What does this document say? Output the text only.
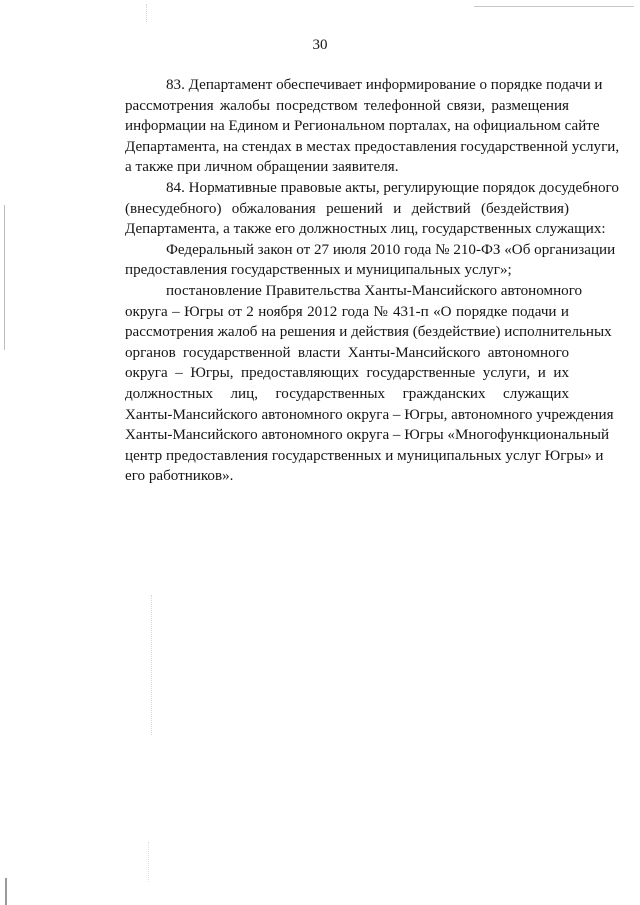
30

83. Департамент обеспечивает информирование о порядке подачи и
рассмотрения жалобы посредством телефонной связи, размещения
информации на Едином и Региональном порталах, на официальном сайте
Департамента, на стендах в местах предоставления государственной услуги,
а также при личном обращении заявителя.

84. Нормативные правовые акты, регулирующие порядок досудебного
(внесудебного) обжалования решений и действий (бездействия)
Департамента, а также его должностных лиц, государственных служащих:

Федеральный закон от 27 июля 2010 года № 210-ФЗ «Об организации
предоставления государственных и муниципальных услуг»;

постановление Правительства Ханты-Мансийского автономного
округа – Югры от 2 ноября 2012 года № 431-п «О порядке подачи и
рассмотрения жалоб на решения и действия (бездействие) исполнительных
органов государственной власти Ханты-Мансийского автономного
округа – Югры, предоставляющих государственные услуги, и их
должностных лиц, государственных гражданских служащих
Ханты-Мансийского автономного округа – Югры, автономного учреждения
Ханты-Мансийского автономного округа – Югры «Многофункциональный
центр предоставления государственных и муниципальных услуг Югры» и
его работников».
